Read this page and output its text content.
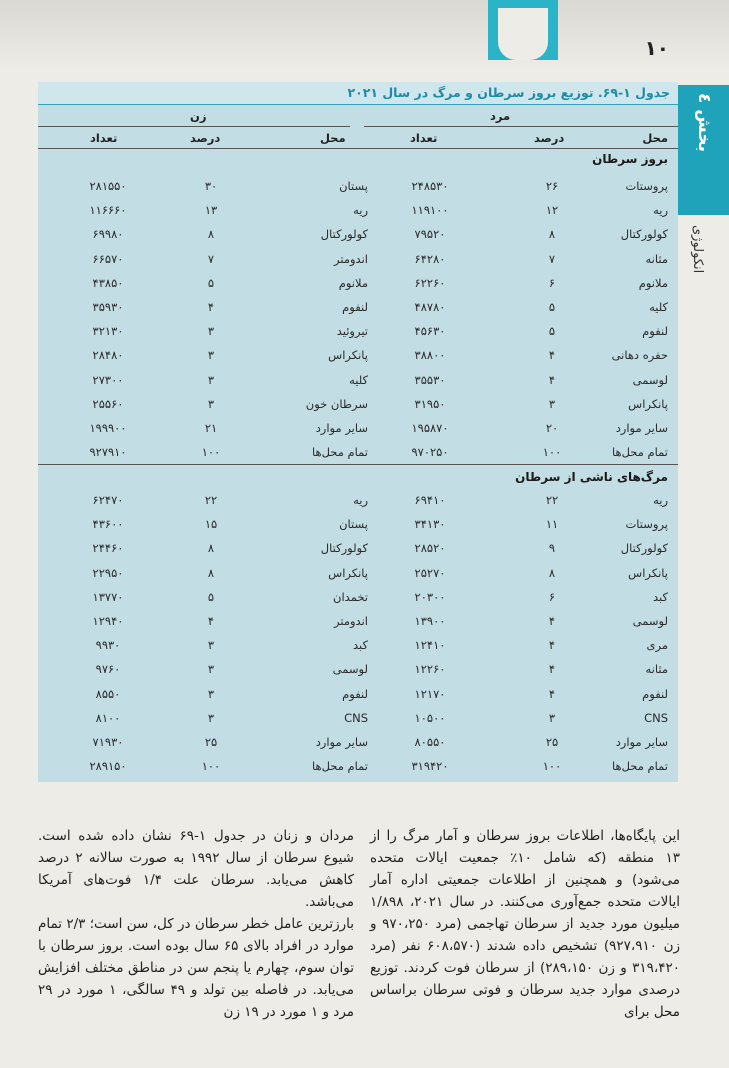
۱۰
بخش ٤
انکولوژی
جدول ۱-۶۹. توزیع بروز سرطان و مرگ در سال ۲۰۲۱
مرد
زن
محل
درصد
تعداد
محل
درصد
تعداد
بروز سرطان
پروستات
۲۶
۲۴۸۵۳۰
پستان
۳۰
۲۸۱۵۵۰
ریه
۱۲
۱۱۹۱۰۰
ریه
۱۳
۱۱۶۶۶۰
کولورکتال
۸
۷۹۵۲۰
کولورکتال
۸
۶۹۹۸۰
مثانه
۷
۶۴۲۸۰
اندومتر
۷
۶۶۵۷۰
ملانوم
۶
۶۲۲۶۰
ملانوم
۵
۴۳۸۵۰
کلیه
۵
۴۸۷۸۰
لنفوم
۴
۳۵۹۳۰
لنفوم
۵
۴۵۶۳۰
تیروئید
۳
۳۲۱۳۰
حفره دهانی
۴
۳۸۸۰۰
پانکراس
۳
۲۸۴۸۰
لوسمی
۴
۳۵۵۳۰
کلیه
۳
۲۷۳۰۰
پانکراس
۳
۳۱۹۵۰
سرطان خون
۳
۲۵۵۶۰
سایر موارد
۲۰
۱۹۵۸۷۰
سایر موارد
۲۱
۱۹۹۹۰۰
تمام محل‌ها
۱۰۰
۹۷۰۲۵۰
تمام محل‌ها
۱۰۰
۹۲۷۹۱۰
مرگ‌های ناشی از سرطان
ریه
۲۲
۶۹۴۱۰
ریه
۲۲
۶۲۴۷۰
پروستات
۱۱
۳۴۱۳۰
پستان
۱۵
۴۳۶۰۰
کولورکتال
۹
۲۸۵۲۰
کولورکتال
۸
۲۴۴۶۰
پانکراس
۸
۲۵۲۷۰
پانکراس
۸
۲۲۹۵۰
کبد
۶
۲۰۳۰۰
تخمدان
۵
۱۳۷۷۰
لوسمی
۴
۱۳۹۰۰
اندومتر
۴
۱۲۹۴۰
مری
۴
۱۲۴۱۰
کبد
۳
۹۹۳۰
مثانه
۴
۱۲۲۶۰
لوسمی
۳
۹۷۶۰
لنفوم
۴
۱۲۱۷۰
لنفوم
۳
۸۵۵۰
CNS
۳
۱۰۵۰۰
CNS
۳
۸۱۰۰
سایر موارد
۲۵
۸۰۵۵۰
سایر موارد
۲۵
۷۱۹۳۰
تمام محل‌ها
۱۰۰
۳۱۹۴۲۰
تمام محل‌ها
۱۰۰
۲۸۹۱۵۰

این پایگاه‌ها، اطلاعات بروز سرطان و آمار مرگ را از ۱۳ منطقه (که شامل ۱۰٪ جمعیت ایالات متحده می‌شود) و همچنین از اطلاعات جمعیتی اداره آمار ایالات متحده جمع‌آوری می‌کنند. در سال ۲۰۲۱، ۱/۸۹۸ میلیون مورد جدید از سرطان تهاجمی (مرد ۹۷۰،۲۵۰ و زن ۹۲۷،۹۱۰) تشخیص داده شدند (۶۰۸،۵۷۰ نفر (مرد ۳۱۹،۴۲۰ و زن ۲۸۹،۱۵۰) از سرطان فوت کردند. توزیع درصدی موارد جدید سرطان و فوتی سرطان براساس محل برای

مردان و زنان در جدول ۱-۶۹ نشان داده شده است. شیوع سرطان از سال ۱۹۹۲ به صورت سالانه ۲ درصد کاهش می‌یابد. سرطان علت ۱/۴ فوت‌های آمریکا می‌باشد.

بارزترین عامل خطر سرطان در کل، سن است؛ ۲/۳ تمام موارد در افراد بالای ۶۵ سال بوده است. بروز سرطان با توان سوم، چهارم یا پنجم سن در مناطق مختلف افزایش می‌یابد. در فاصله بین تولد و ۴۹ سالگی، ۱ مورد در ۲۹ مرد و ۱ مورد در ۱۹ زن
